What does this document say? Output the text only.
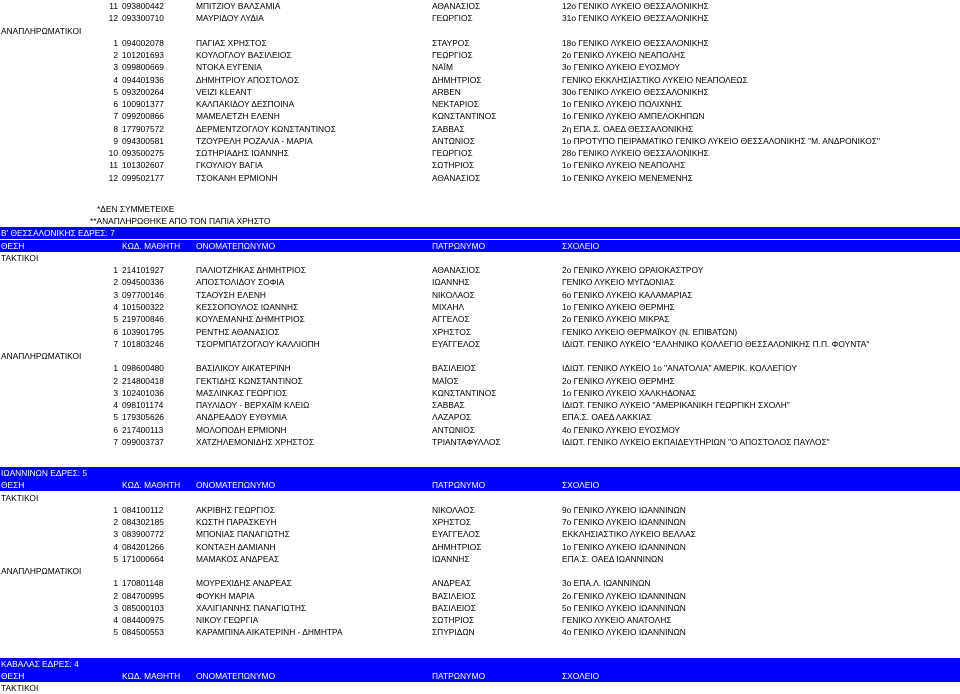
11 093800442	ΜΠΙΤΖΙΟΥ ΒΑΛΣΑΜΙΑ	ΑΘΑΝΑΣΙΟΣ	12ο ΓΕΝΙΚΟ ΛΥΚΕΙΟ ΘΕΣΣΑΛΟΝΙΚΗΣ
12 093300710	ΜΑΥΡΙΔΟΥ ΛΥΔΙΑ	ΓΕΩΡΓΙΟΣ	31ο ΓΕΝΙΚΟ ΛΥΚΕΙΟ ΘΕΣΣΑΛΟΝΙΚΗΣ
ΑΝΑΠΛΗΡΩΜΑΤΙΚΟΙ
1 094002078	ΠΑΓΙΑΣ ΧΡΗΣΤΟΣ	ΣΤΑΥΡΟΣ	18ο ΓΕΝΙΚΟ ΛΥΚΕΙΟ ΘΕΣΣΑΛΟΝΙΚΗΣ
2 101201693	ΚΟΥΛΟΓΛΟΥ ΒΑΣΙΛΕΙΟΣ	ΓΕΩΡΓΙΟΣ	2ο ΓΕΝΙΚΟ ΛΥΚΕΙΟ ΝΕΑΠΟΛΗΣ
3 099800669	ΝΤΟΚΑ ΕΥΓΕΝΙΑ	ΝΑΪΜ	3ο ΓΕΝΙΚΟ ΛΥΚΕΙΟ ΕΥΟΣΜΟΥ
4 094401936	ΔΗΜΗΤΡΙΟΥ ΑΠΟΣΤΟΛΟΣ	ΔΗΜΗΤΡΙΟΣ	ΓΕΝΙΚΟ ΕΚΚΛΗΣΙΑΣΤΙΚΟ ΛΥΚΕΙΟ ΝΕΑΠΟΛΕΩΣ
5 093200264	VEIZI KLEANT	ARBEN	30ο ΓΕΝΙΚΟ ΛΥΚΕΙΟ ΘΕΣΣΑΛΟΝΙΚΗΣ
6 100901377	ΚΑΛΠΑΚΙΔΟΥ ΔΕΣΠΟΙΝΑ	ΝΕΚΤΑΡΙΟΣ	1ο ΓΕΝΙΚΟ ΛΥΚΕΙΟ ΠΟΛΙΧΝΗΣ
7 099200866	ΜΑΜΕΛΕΤΖΗ ΕΛΕΝΗ	ΚΩΝΣΤΑΝΤΙΝΟΣ	1ο ΓΕΝΙΚΟ ΛΥΚΕΙΟ ΑΜΠΕΛΟΚΗΠΩΝ
8 177907572	ΔΕΡΜΕΝΤΖΟΓΛΟΥ ΚΩΝΣΤΑΝΤΙΝΟΣ	ΣΑΒΒΑΣ	2η ΕΠΑ.Σ. ΟΑΕΔ ΘΕΣΣΑΛΟΝΙΚΗΣ
9 094300581	ΤΖΟΥΡΕΛΗ ΡΟΖΑΛΙΑ - ΜΑΡΙΑ	ΑΝΤΩΝΙΟΣ	1ο ΠΡΟΤΥΠΟ ΠΕΙΡΑΜΑΤΙΚΟ ΓΕΝΙΚΟ ΛΥΚΕΙΟ ΘΕΣΣΑΛΟΝΙΚΗΣ "Μ. ΑΝΔΡΟΝΙΚΟΣ"
10 093500275	ΣΩΤΗΡΙΑΔΗΣ ΙΩΑΝΝΗΣ	ΓΕΩΡΓΙΟΣ	28ο ΓΕΝΙΚΟ ΛΥΚΕΙΟ ΘΕΣΣΑΛΟΝΙΚΗΣ
11 101302607	ΓΚΟΥΛΙΟΥ ΒΑΓΙΑ	ΣΩΤΗΡΙΟΣ	1ο ΓΕΝΙΚΟ ΛΥΚΕΙΟ ΝΕΑΠΟΛΗΣ
12 099502177	ΤΣΟΚΑΝΗ ΕΡΜΙΟΝΗ	ΑΘΑΝΑΣΙΟΣ	1ο ΓΕΝΙΚΟ ΛΥΚΕΙΟ ΜΕΝΕΜΕΝΗΣ
*ΔΕΝ ΣΥΜΜΕΤΕΙΧΕ
**ΑΝΑΠΛΗΡΩΘΗΚΕ ΑΠΟ ΤΟΝ ΠΑΠΙΑ ΧΡΗΣΤΟ
Β' ΘΕΣΣΑΛΟΝΙΚΗΣ ΕΔΡΕΣ: 7
ΘΕΣΗ	ΚΩΔ. ΜΑΘΗΤΗ	ΟΝΟΜΑΤΕΠΩΝΥΜΟ	ΠΑΤΡΩΝΥΜΟ	ΣΧΟΛΕΙΟ
ΤΑΚΤΙΚΟΙ
1 214101927	ΠΑΛΙΟΤΖΗΚΑΣ ΔΗΜΗΤΡΙΟΣ	ΑΘΑΝΑΣΙΟΣ	2ο ΓΕΝΙΚΟ ΛΥΚΕΙΟ ΩΡΑΙΟΚΑΣΤΡΟΥ
2 094500336	ΑΠΟΣΤΟΛΙΔΟΥ ΣΟΦΙΑ	ΙΩΑΝΝΗΣ	ΓΕΝΙΚΟ ΛΥΚΕΙΟ ΜΥΓΔΟΝΙΑΣ
3 097700146	ΤΣΑΟΥΣΗ ΕΛΕΝΗ	ΝΙΚΟΛΑΟΣ	6ο ΓΕΝΙΚΟ ΛΥΚΕΙΟ ΚΑΛΑΜΑΡΙΑΣ
4 101500322	ΚΕΣΣΟΠΟΥΛΟΣ ΙΩΑΝΝΗΣ	ΜΙΧΑΗΛ	1ο ΓΕΝΙΚΟ ΛΥΚΕΙΟ ΘΕΡΜΗΣ
5 219700846	ΚΟΥΛΕΜΑΝΗΣ ΔΗΜΗΤΡΙΟΣ	ΑΓΓΕΛΟΣ	2ο ΓΕΝΙΚΟ ΛΥΚΕΙΟ ΜΙΚΡΑΣ
6 103901795	ΡΕΝΤΗΣ ΑΘΑΝΑΣΙΟΣ	ΧΡΗΣΤΟΣ	ΓΕΝΙΚΟ ΛΥΚΕΙΟ ΘΕΡΜΑΪΚΟΥ (Ν. ΕΠΙΒΑΤΩΝ)
7 101803246	ΤΣΟΡΜΠΑΤΖΟΓΛΟΥ ΚΑΛΛΙΟΠΗ	ΕΥΑΓΓΕΛΟΣ	ΙΔΙΩΤ. ΓΕΝΙΚΟ ΛΥΚΕΙΟ "ΕΛΛΗΝΙΚΟ ΚΟΛΛΕΓΙΟ ΘΕΣΣΑΛΟΝΙΚΗΣ Π.Π. ΦΟΥΝΤΑ"
ΑΝΑΠΛΗΡΩΜΑΤΙΚΟΙ
1 098600480	ΒΑΣΙΛΙΚΟΥ ΑΙΚΑΤΕΡΙΝΗ	ΒΑΣΙΛΕΙΟΣ	ΙΔΙΩΤ. ΓΕΝΙΚΟ ΛΥΚΕΙΟ 1ο "ΑΝΑΤΟΛΙΑ" ΑΜΕΡΙΚ. ΚΟΛΛΕΓΙΟΥ
2 214800418	ΓΕΚΤΙΔΗΣ ΚΩΝΣΤΑΝΤΙΝΟΣ	ΜΑΪΟΣ	2ο ΓΕΝΙΚΟ ΛΥΚΕΙΟ ΘΕΡΜΗΣ
3 102401036	ΜΑΣΛΙΝΚΑΣ ΓΕΩΡΓΙΟΣ	ΚΩΝΣΤΑΝΤΙΝΟΣ	1ο ΓΕΝΙΚΟ ΛΥΚΕΙΟ ΧΑΛΚΗΔΟΝΑΣ
4 098101174	ΠΑΥΛΙΔΟΥ - ΒΕΡΧΑΪΜ ΚΛΕΙΩ	ΣΑΒΒΑΣ	ΙΔΙΩΤ. ΓΕΝΙΚΟ ΛΥΚΕΙΟ "ΑΜΕΡΙΚΑΝΙΚΗ ΓΕΩΡΓΙΚΗ ΣΧΟΛΗ"
5 179305626	ΑΝΔΡΕΑΔΟΥ ΕΥΘΥΜΙΑ	ΛΑΖΑΡΟΣ	ΕΠΑ.Σ. ΟΑΕΔ ΛΑΚΚΙΑΣ
6 217400113	ΜΟΛΟΠΟΔΗ ΕΡΜΙΟΝΗ	ΑΝΤΩΝΙΟΣ	4ο ΓΕΝΙΚΟ ΛΥΚΕΙΟ ΕΥΟΣΜΟΥ
7 099003737	ΧΑΤΖΗΛΕΜΟΝΙΔΗΣ ΧΡΗΣΤΟΣ	ΤΡΙΑΝΤΑΦΥΛΛΟΣ	ΙΔΙΩΤ. ΓΕΝΙΚΟ ΛΥΚΕΙΟ ΕΚΠΑΙΔΕΥΤΗΡΙΩΝ "Ο ΑΠΟΣΤΟΛΟΣ ΠΑΥΛΟΣ"
ΙΩΑΝΝΙΝΩΝ ΕΔΡΕΣ: 5
ΘΕΣΗ	ΚΩΔ. ΜΑΘΗΤΗ	ΟΝΟΜΑΤΕΠΩΝΥΜΟ	ΠΑΤΡΩΝΥΜΟ	ΣΧΟΛΕΙΟ
ΤΑΚΤΙΚΟΙ
1 084100112	ΑΚΡΙΒΗΣ ΓΕΩΡΓΙΟΣ	ΝΙΚΟΛΑΟΣ	9ο ΓΕΝΙΚΟ ΛΥΚΕΙΟ ΙΩΑΝΝΙΝΩΝ
2 084302185	ΚΩΣΤΗ ΠΑΡΑΣΚΕΥΗ	ΧΡΗΣΤΟΣ	7ο ΓΕΝΙΚΟ ΛΥΚΕΙΟ ΙΩΑΝΝΙΝΩΝ
3 083900772	ΜΠΟΝΙΑΣ ΠΑΝΑΓΙΩΤΗΣ	ΕΥΑΓΓΕΛΟΣ	ΕΚΚΛΗΣΙΑΣΤΙΚΟ ΛΥΚΕΙΟ ΒΕΛΛΑΣ
4 084201266	ΚΟΝΤΑΞΗ ΔΑΜΙΑΝΗ	ΔΗΜΗΤΡΙΟΣ	1ο ΓΕΝΙΚΟ ΛΥΚΕΙΟ ΙΩΑΝΝΙΝΩΝ
5 171000664	ΜΑΜΑΚΟΣ ΑΝΔΡΕΑΣ	ΙΩΑΝΝΗΣ	ΕΠΑ.Σ. ΟΑΕΔ ΙΩΑΝΝΙΝΩΝ
ΑΝΑΠΛΗΡΩΜΑΤΙΚΟΙ
1 170801148	ΜΟΥΡΕΧΙΔΗΣ ΑΝΔΡΕΑΣ	ΑΝΔΡΕΑΣ	3ο ΕΠΑ.Λ. ΙΩΑΝΝΙΝΩΝ
2 084700995	ΦΟΥΚΗ ΜΑΡΙΑ	ΒΑΣΙΛΕΙΟΣ	2ο ΓΕΝΙΚΟ ΛΥΚΕΙΟ ΙΩΑΝΝΙΝΩΝ
3 085000103	ΧΑΛΙΓΙΑΝΝΗΣ ΠΑΝΑΓΙΩΤΗΣ	ΒΑΣΙΛΕΙΟΣ	5ο ΓΕΝΙΚΟ ΛΥΚΕΙΟ ΙΩΑΝΝΙΝΩΝ
4 084400975	ΝΙΚΟΥ ΓΕΩΡΓΙΑ	ΣΩΤΗΡΙΟΣ	ΓΕΝΙΚΟ ΛΥΚΕΙΟ ΑΝΑΤΟΛΗΣ
5 084500553	ΚΑΡΑΜΠΙΝΑ ΑΙΚΑΤΕΡΙΝΗ - ΔΗΜΗΤΡΑ	ΣΠΥΡΙΔΩΝ	4ο ΓΕΝΙΚΟ ΛΥΚΕΙΟ ΙΩΑΝΝΙΝΩΝ
ΚΑΒΑΛΑΣ ΕΔΡΕΣ: 4
ΘΕΣΗ	ΚΩΔ. ΜΑΘΗΤΗ	ΟΝΟΜΑΤΕΠΩΝΥΜΟ	ΠΑΤΡΩΝΥΜΟ	ΣΧΟΛΕΙΟ
ΤΑΚΤΙΚΟΙ
